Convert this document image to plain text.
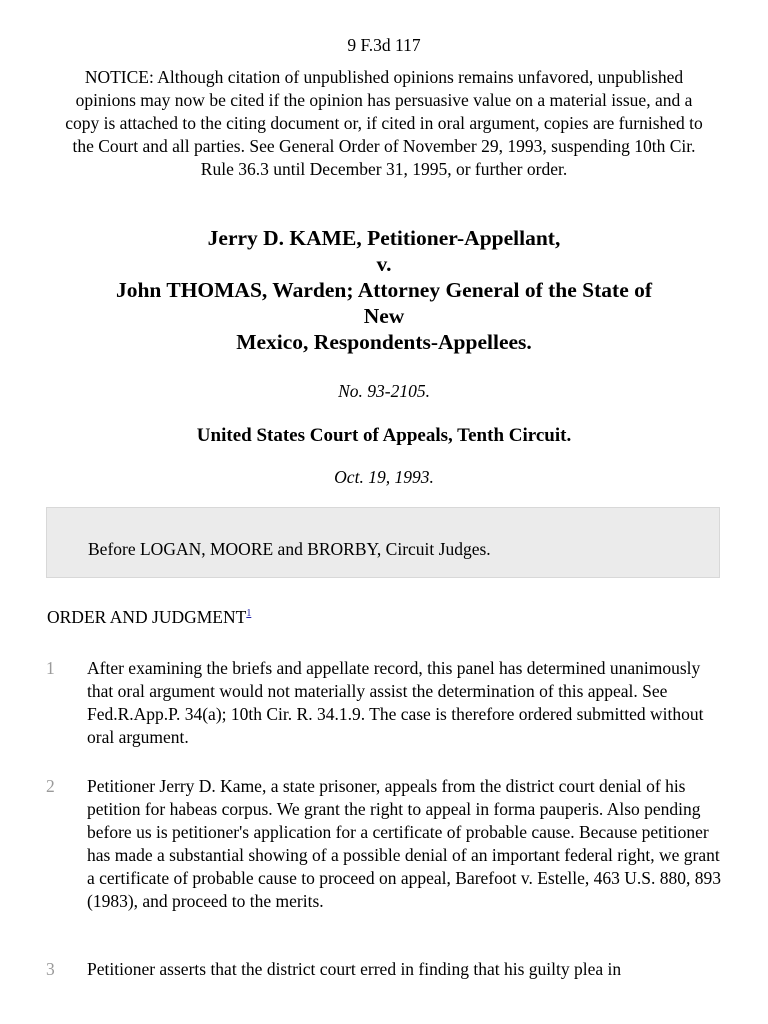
9 F.3d 117
NOTICE: Although citation of unpublished opinions remains unfavored, unpublished opinions may now be cited if the opinion has persuasive value on a material issue, and a copy is attached to the citing document or, if cited in oral argument, copies are furnished to the Court and all parties. See General Order of November 29, 1993, suspending 10th Cir. Rule 36.3 until December 31, 1995, or further order.
Jerry D. KAME, Petitioner-Appellant,
v.
John THOMAS, Warden; Attorney General of the State of
New
Mexico, Respondents-Appellees.
No. 93-2105.
United States Court of Appeals, Tenth Circuit.
Oct. 19, 1993.
Before LOGAN, MOORE and BRORBY, Circuit Judges.
ORDER AND JUDGMENT$^1$
1 After examining the briefs and appellate record, this panel has determined unanimously that oral argument would not materially assist the determination of this appeal. See Fed.R.App.P. 34(a); 10th Cir. R. 34.1.9. The case is therefore ordered submitted without oral argument.
2 Petitioner Jerry D. Kame, a state prisoner, appeals from the district court denial of his petition for habeas corpus. We grant the right to appeal in forma pauperis. Also pending before us is petitioner's application for a certificate of probable cause. Because petitioner has made a substantial showing of a possible denial of an important federal right, we grant a certificate of probable cause to proceed on appeal, Barefoot v. Estelle, 463 U.S. 880, 893 (1983), and proceed to the merits.
3 Petitioner asserts that the district court erred in finding that his guilty plea in
